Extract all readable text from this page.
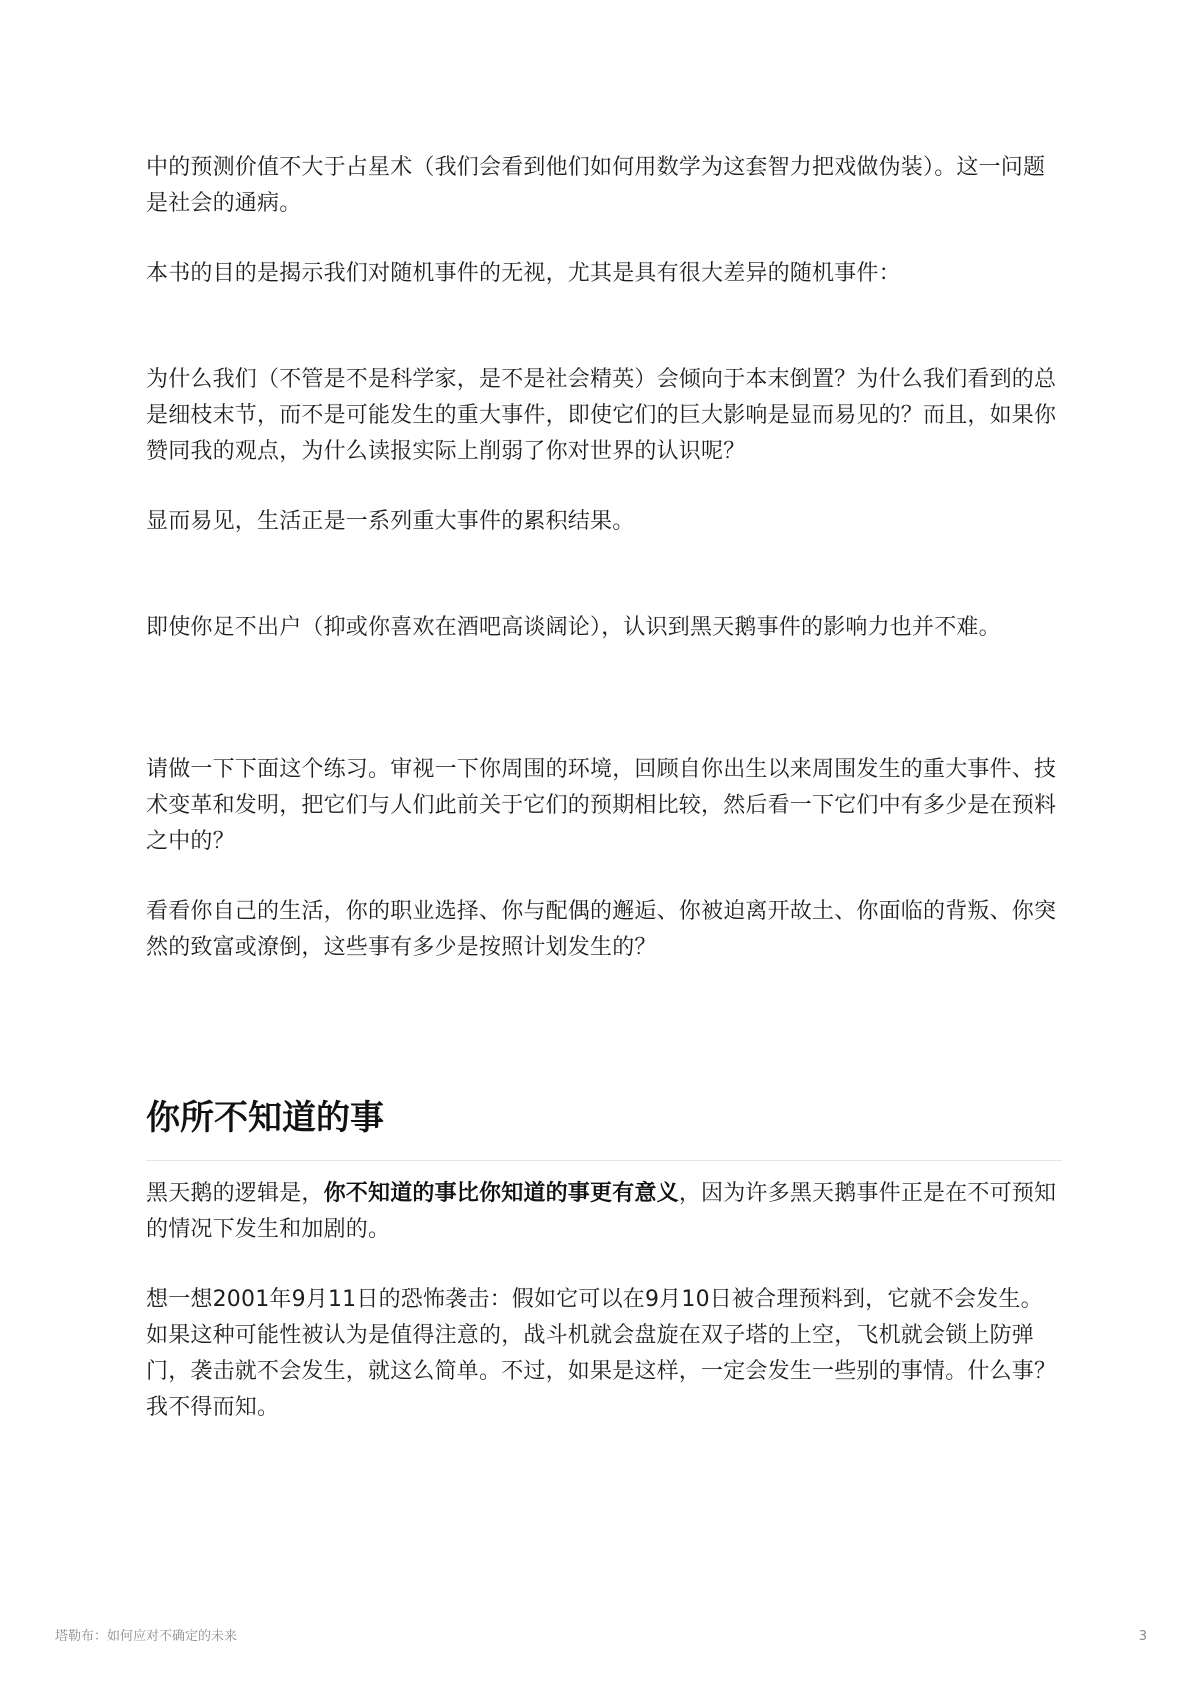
中的预测价值不大于占星术（我们会看到他们如何用数学为这套智力把戏做伪装）。这一问题是社会的通病。

本书的目的是揭示我们对随机事件的无视，尤其是具有很大差异的随机事件：

为什么我们（不管是不是科学家，是不是社会精英）会倾向于本末倒置？为什么我们看到的总是细枝末节，而不是可能发生的重大事件，即使它们的巨大影响是显而易见的？而且，如果你赞同我的观点，为什么读报实际上削弱了你对世界的认识呢？

显而易见，生活正是一系列重大事件的累积结果。

即使你足不出户（抑或你喜欢在酒吧高谈阔论），认识到黑天鹅事件的影响力也并不难。

请做一下下面这个练习。审视一下你周围的环境，回顾自你出生以来周围发生的重大事件、技术变革和发明，把它们与人们此前关于它们的预期相比较，然后看一下它们中有多少是在预料之中的？

看看你自己的生活，你的职业选择、你与配偶的邂逅、你被迫离开故土、你面临的背叛、你突然的致富或潦倒，这些事有多少是按照计划发生的？

你所不知道的事

黑天鹅的逻辑是，你不知道的事比你知道的事更有意义，因为许多黑天鹅事件正是在不可预知的情况下发生和加剧的。

想一想2001年9月11日的恐怖袭击：假如它可以在9月10日被合理预料到，它就不会发生。如果这种可能性被认为是值得注意的，战斗机就会盘旋在双子塔的上空，飞机就会锁上防弹门，袭击就不会发生，就这么简单。不过，如果是这样，一定会发生一些别的事情。什么事？我不得而知。

塔勒布：如何应对不确定的未来	3
